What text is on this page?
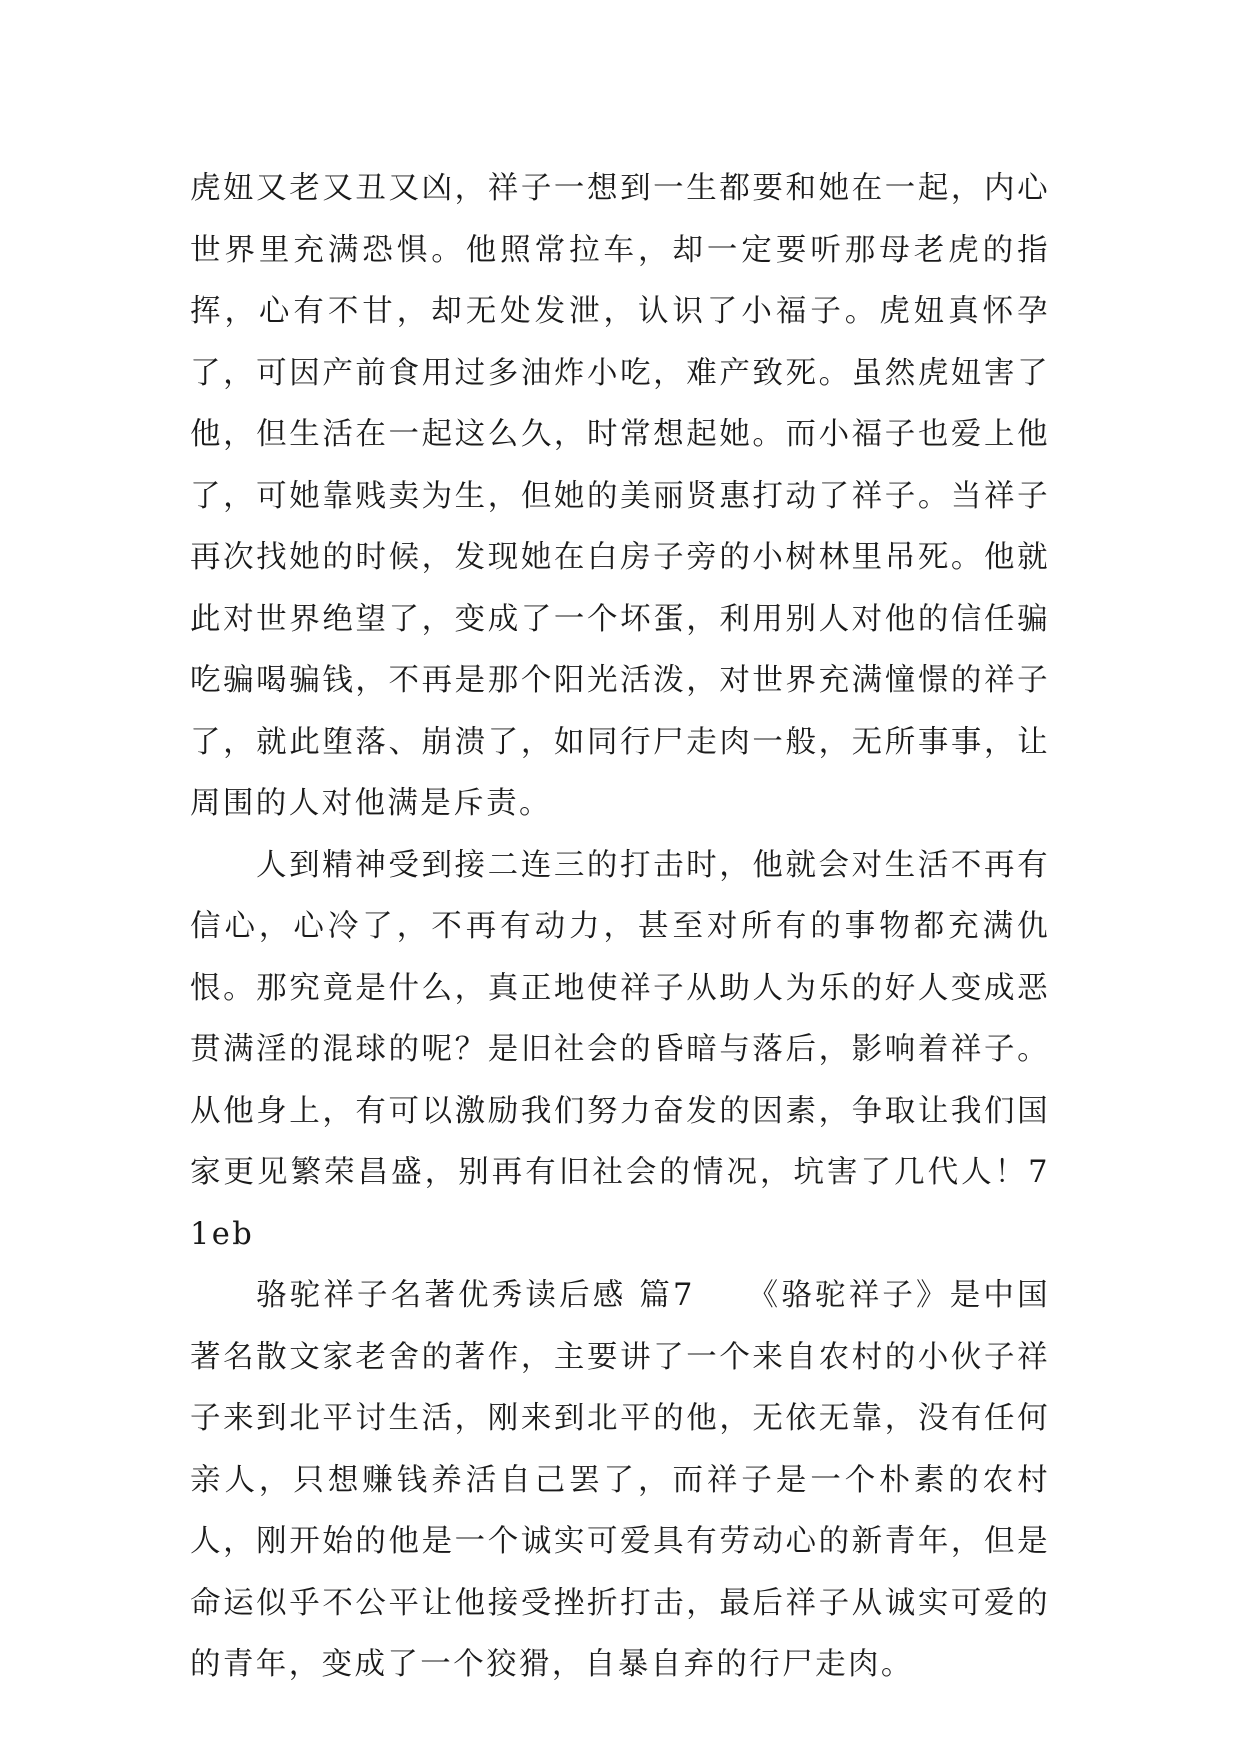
虎妞又老又丑又凶，祥子一想到一生都要和她在一起，内心世界里充满恐惧。他照常拉车，却一定要听那母老虎的指挥，心有不甘，却无处发泄，认识了小福子。虎妞真怀孕了，可因产前食用过多油炸小吃，难产致死。虽然虎妞害了他，但生活在一起这么久，时常想起她。而小福子也爱上他了，可她靠贱卖为生，但她的美丽贤惠打动了祥子。当祥子再次找她的时候，发现她在白房子旁的小树林里吊死。他就此对世界绝望了，变成了一个坏蛋，利用别人对他的信任骗吃骗喝骗钱，不再是那个阳光活泼，对世界充满憧憬的祥子了，就此堕落、崩溃了，如同行尸走肉一般，无所事事，让周围的人对他满是斥责。

人到精神受到接二连三的打击时，他就会对生活不再有信心，心冷了，不再有动力，甚至对所有的事物都充满仇恨。那究竟是什么，真正地使祥子从助人为乐的好人变成恶贯满淫的混球的呢？是旧社会的昏暗与落后，影响着祥子。从他身上，有可以激励我们努力奋发的因素，争取让我们国家更见繁荣昌盛，别再有旧社会的情况，坑害了几代人！71eb

骆驼祥子名著优秀读后感 篇7　　《骆驼祥子》是中国著名散文家老舍的著作，主要讲了一个来自农村的小伙子祥子来到北平讨生活，刚来到北平的他，无依无靠，没有任何亲人，只想赚钱养活自己罢了，而祥子是一个朴素的农村人，刚开始的他是一个诚实可爱具有劳动心的新青年，但是命运似乎不公平让他接受挫折打击，最后祥子从诚实可爱的的青年，变成了一个狡猾，自暴自弃的行尸走肉。
